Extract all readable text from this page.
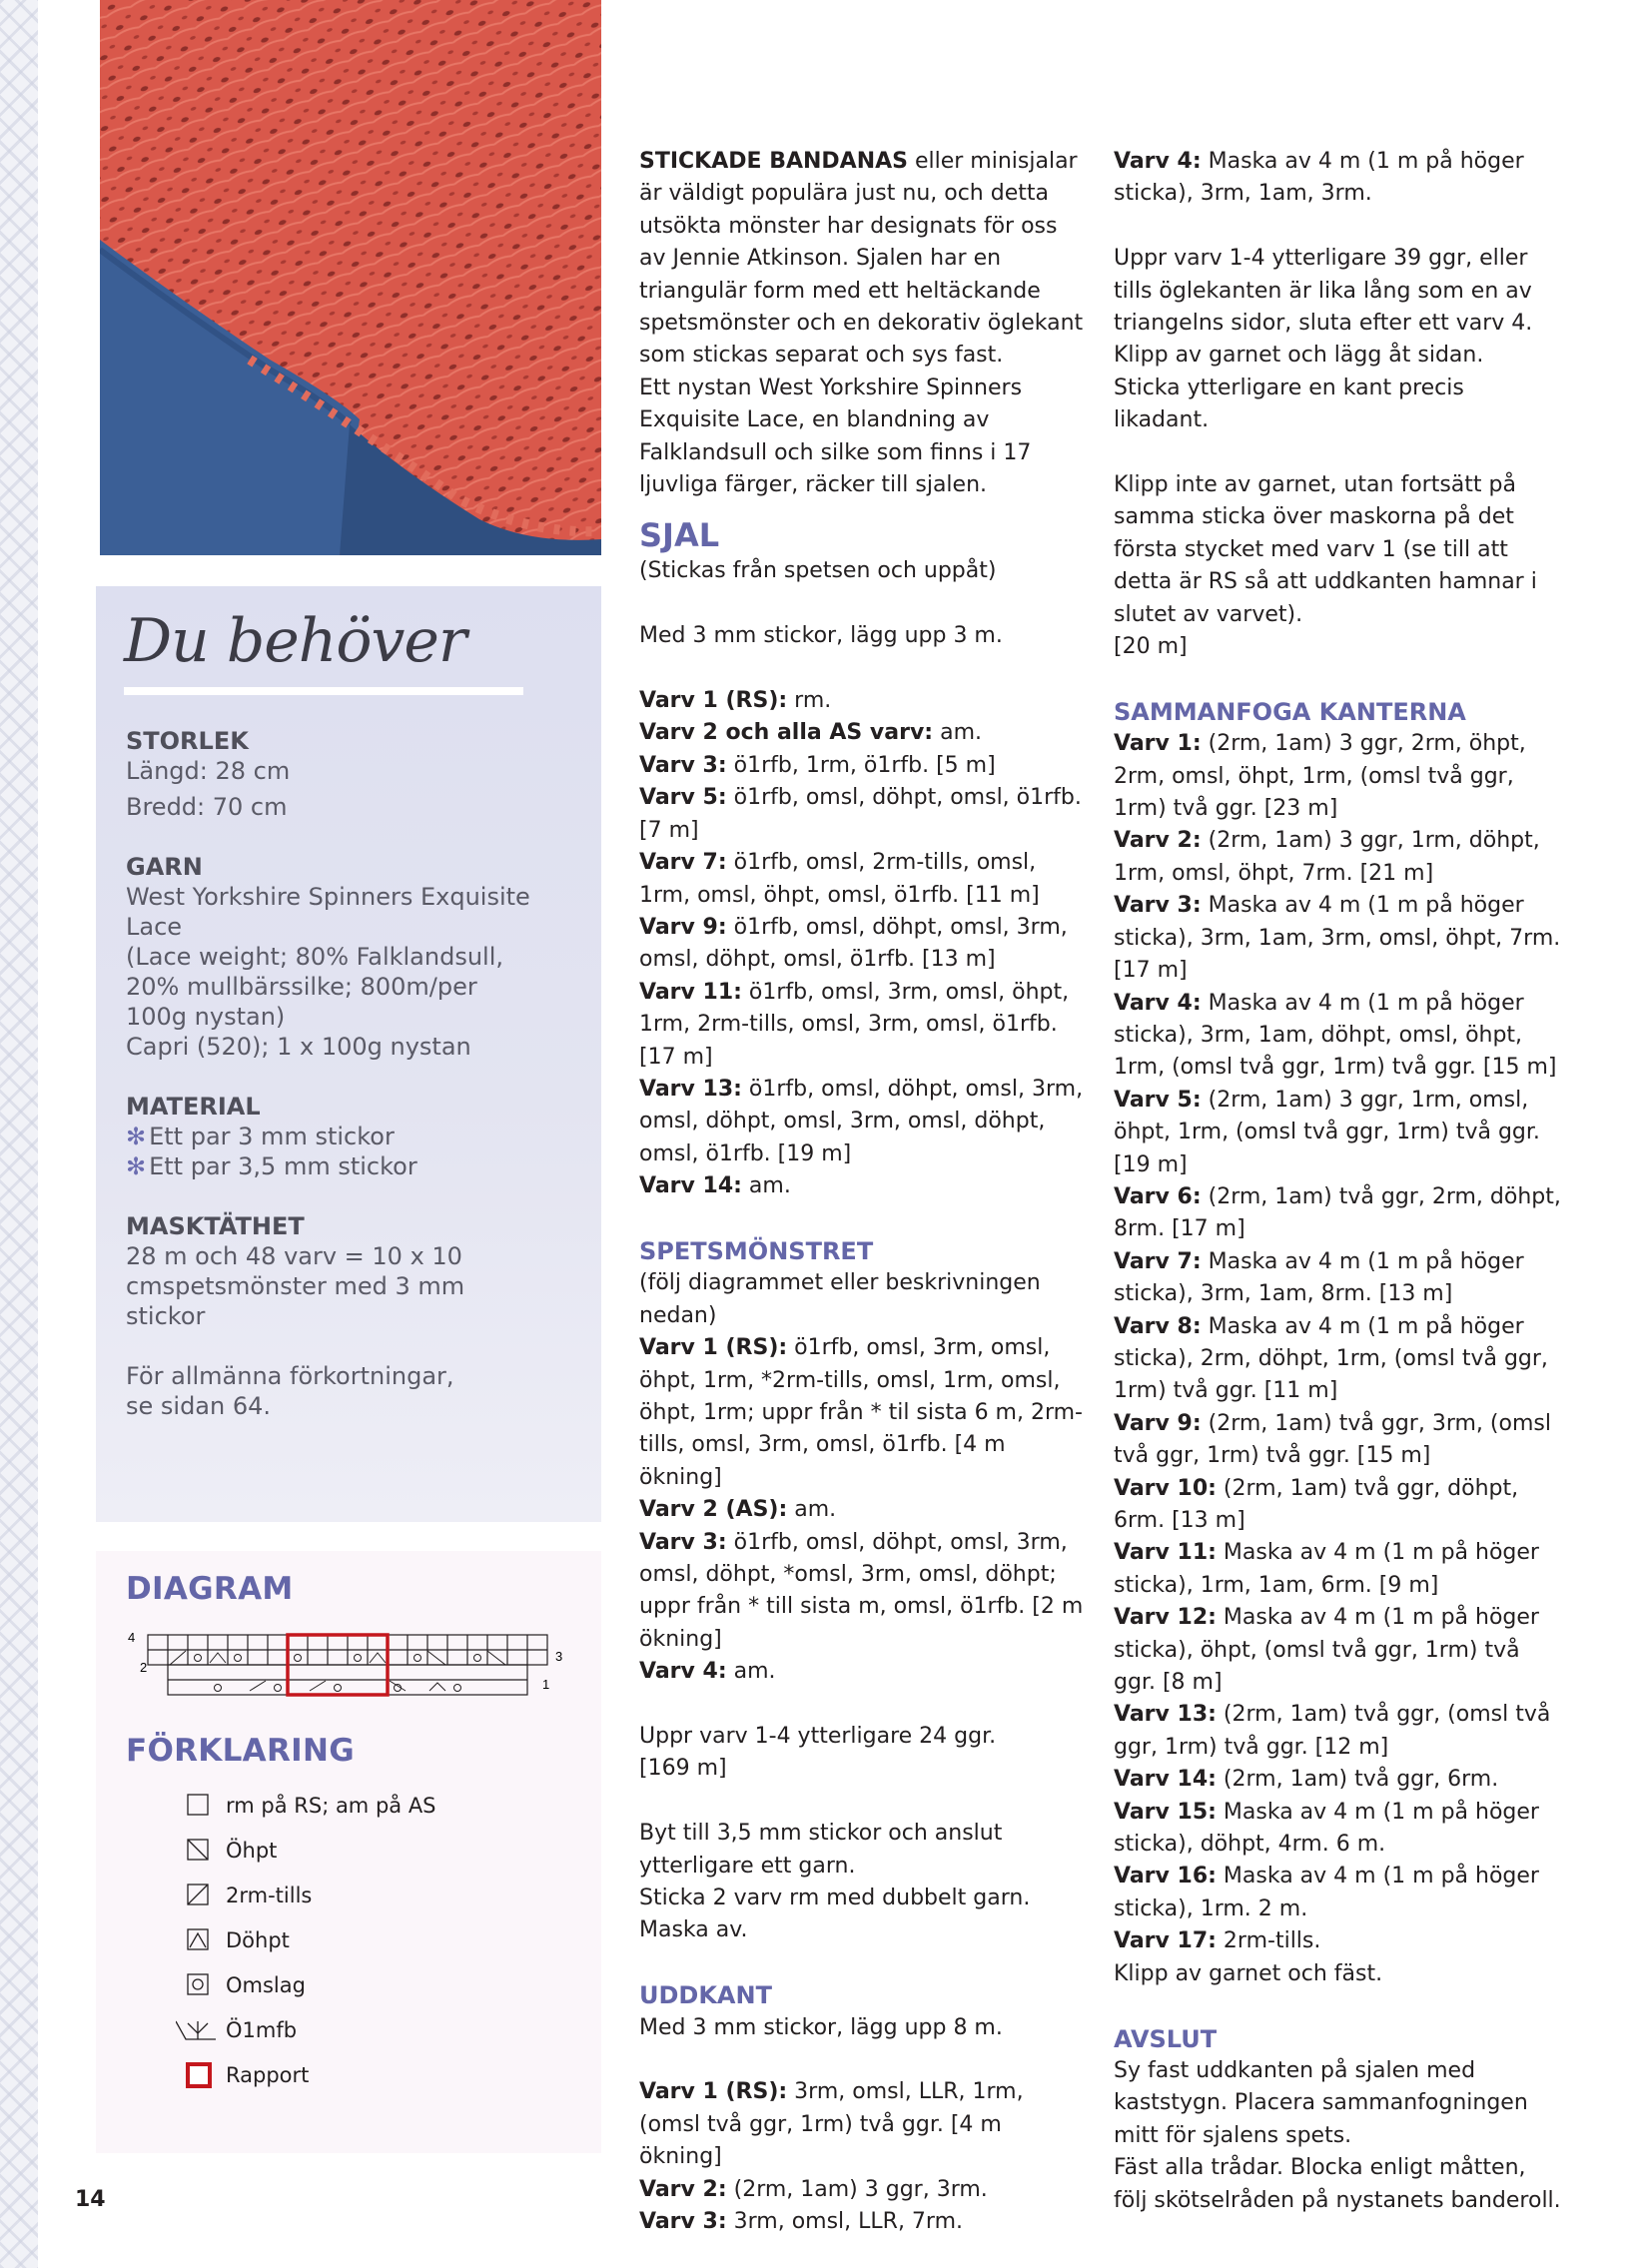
Du behöver

STORLEK

Längd: 28 cm

Bredd: 70 cm

GARN

West Yorkshire Spinners Exquisite

Lace

(Lace weight; 80% Falklandsull,

20% mullbärssilke; 800m/per

100g nystan)

Capri (520); 1 x 100g nystan

MATERIAL

✻ Ett par 3 mm stickor

✻ Ett par 3,5 mm stickor

MASKTÄTHET

28 m och 48 varv = 10 x 10

cmspetsmönster med 3 mm

stickor

För allmänna förkortningar,

se sidan 64.

DIAGRAM
4
3
2
1
FÖRKLARING
rm på RS; am på AS
Öhpt
2rm-tills
Döhpt
Omslag
Ö1mfb
Rapport

STICKADE BANDANAS eller minisjalar är väldigt populära just nu, och detta utsökta mönster har designats för oss av Jennie Atkinson. Sjalen har en triangulär form med ett heltäckande spetsmönster och en dekorativ öglekant som stickas separat och sys fast.

Ett nystan West Yorkshire Spinners Exquisite Lace, en blandning av Falklandsull och silke som finns i 17 ljuvliga färger, räcker till sjalen.

SJAL

(Stickas från spetsen och uppåt)

Med 3 mm stickor, lägg upp 3 m.

Varv 1 (RS): rm.

Varv 2 och alla AS varv: am.

Varv 3: ö1rfb, 1rm, ö1rfb. [5 m]

Varv 5: ö1rfb, omsl, döhpt, omsl, ö1rfb. [7 m]

Varv 7: ö1rfb, omsl, 2rm-tills, omsl, 1rm, omsl, öhpt, omsl, ö1rfb. [11 m]

Varv 9: ö1rfb, omsl, döhpt, omsl, 3rm, omsl, döhpt, omsl, ö1rfb. [13 m]

Varv 11: ö1rfb, omsl, 3rm, omsl, öhpt, 1rm, 2rm-tills, omsl, 3rm, omsl, ö1rfb. [17 m]

Varv 13: ö1rfb, omsl, döhpt, omsl, 3rm, omsl, döhpt, omsl, 3rm, omsl, döhpt, omsl, ö1rfb. [19 m]

Varv 14: am.

SPETSMÖNSTRET

(följ diagrammet eller beskrivningen nedan)

Varv 1 (RS): ö1rfb, omsl, 3rm, omsl, öhpt, 1rm, *2rm-tills, omsl, 1rm, omsl, öhpt, 1rm; uppr från * til sista 6 m, 2rm-tills, omsl, 3rm, omsl, ö1rfb. [4 m ökning]

Varv 2 (AS): am.

Varv 3: ö1rfb, omsl, döhpt, omsl, 3rm, omsl, döhpt, *omsl, 3rm, omsl, döhpt; uppr från * till sista m, omsl, ö1rfb. [2 m ökning]

Varv 4: am.

Uppr varv 1-4 ytterligare 24 ggr.

[169 m]

Byt till 3,5 mm stickor och anslut ytterligare ett garn.

Sticka 2 varv rm med dubbelt garn.

Maska av.

UDDKANT

Med 3 mm stickor, lägg upp 8 m.

Varv 1 (RS): 3rm, omsl, LLR, 1rm, (omsl två ggr, 1rm) två ggr. [4 m ökning]

Varv 2: (2rm, 1am) 3 ggr, 3rm.

Varv 3: 3rm, omsl, LLR, 7rm.

Varv 4: Maska av 4 m (1 m på höger sticka), 3rm, 1am, 3rm.

Uppr varv 1-4 ytterligare 39 ggr, eller tills öglekanten är lika lång som en av triangelns sidor, sluta efter ett varv 4.

Klipp av garnet och lägg åt sidan.

Sticka ytterligare en kant precis likadant.

Klipp inte av garnet, utan fortsätt på samma sticka över maskorna på det första stycket med varv 1 (se till att detta är RS så att uddkanten hamnar i slutet av varvet).

[20 m]

SAMMANFOGA KANTERNA

Varv 1: (2rm, 1am) 3 ggr, 2rm, öhpt, 2rm, omsl, öhpt, 1rm, (omsl två ggr, 1rm) två ggr. [23 m]

Varv 2: (2rm, 1am) 3 ggr, 1rm, döhpt, 1rm, omsl, öhpt, 7rm. [21 m]

Varv 3: Maska av 4 m (1 m på höger sticka), 3rm, 1am, 3rm, omsl, öhpt, 7rm. [17 m]

Varv 4: Maska av 4 m (1 m på höger sticka), 3rm, 1am, döhpt, omsl, öhpt, 1rm, (omsl två ggr, 1rm) två ggr. [15 m]

Varv 5: (2rm, 1am) 3 ggr, 1rm, omsl, öhpt, 1rm, (omsl två ggr, 1rm) två ggr. [19 m]

Varv 6: (2rm, 1am) två ggr, 2rm, döhpt, 8rm. [17 m]

Varv 7: Maska av 4 m (1 m på höger sticka), 3rm, 1am, 8rm. [13 m]

Varv 8: Maska av 4 m (1 m på höger sticka), 2rm, döhpt, 1rm, (omsl två ggr, 1rm) två ggr. [11 m]

Varv 9: (2rm, 1am) två ggr, 3rm, (omsl två ggr, 1rm) två ggr. [15 m]

Varv 10: (2rm, 1am) två ggr, döhpt, 6rm. [13 m]

Varv 11: Maska av 4 m (1 m på höger sticka), 1rm, 1am, 6rm. [9 m]

Varv 12: Maska av 4 m (1 m på höger sticka), öhpt, (omsl två ggr, 1rm) två ggr. [8 m]

Varv 13: (2rm, 1am) två ggr, (omsl två ggr, 1rm) två ggr. [12 m]

Varv 14: (2rm, 1am) två ggr, 6rm.

Varv 15: Maska av 4 m (1 m på höger sticka), döhpt, 4rm. 6 m.

Varv 16: Maska av 4 m (1 m på höger sticka), 1rm. 2 m.

Varv 17: 2rm-tills.

Klipp av garnet och fäst.

AVSLUT

Sy fast uddkanten på sjalen med kaststygn. Placera sammanfogningen mitt för sjalens spets.

Fäst alla trådar. Blocka enligt måtten, följ skötselråden på nystanets banderoll.

14
